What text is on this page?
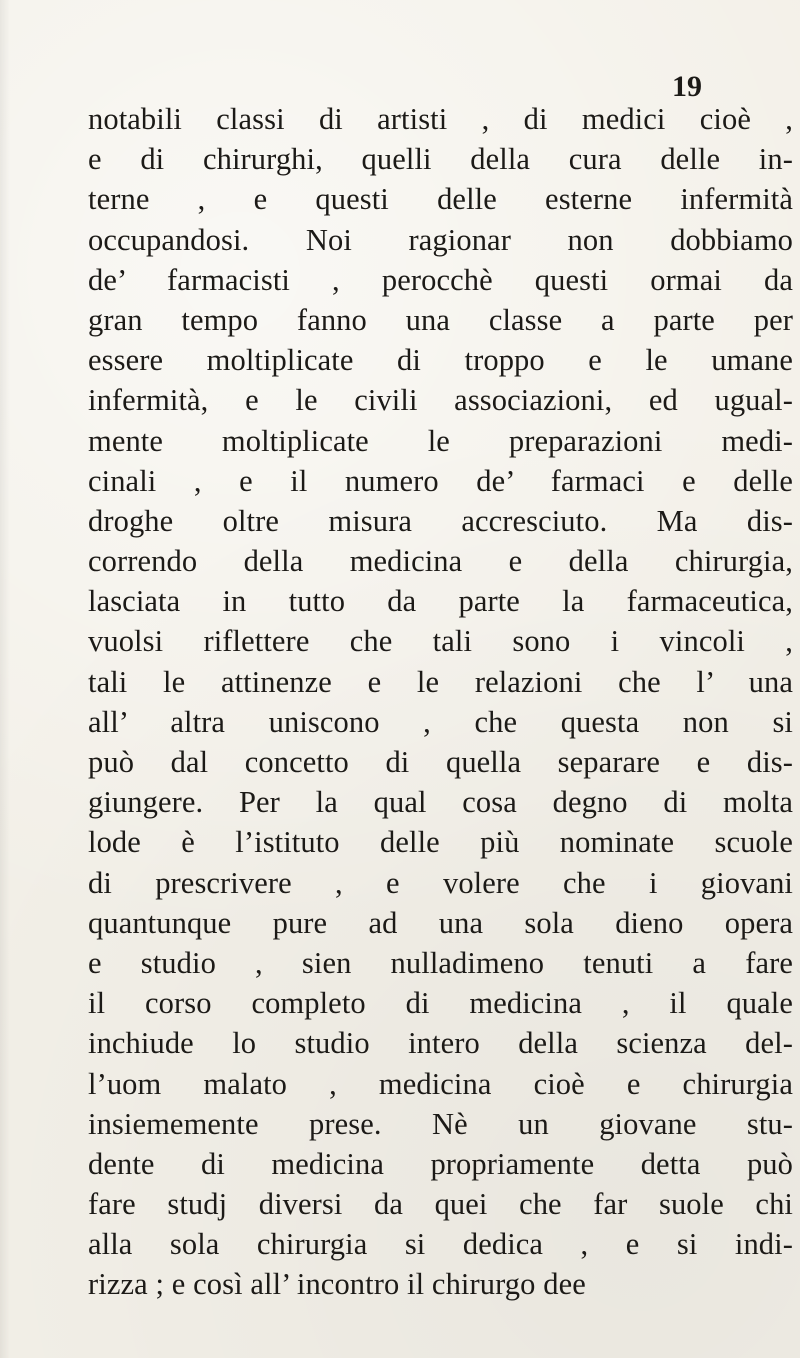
19
notabili classi di artisti , di medici cioè ,
e di chirurghi, quelli della cura delle in-
terne , e questi delle esterne infermità
occupandosi. Noi ragionar non dobbiamo
de’ farmacisti , perocchè questi ormai da
gran tempo fanno una classe a parte per
essere moltiplicate di troppo e le umane
infermità, e le civili associazioni, ed ugual-
mente moltiplicate le preparazioni medi-
cinali , e il numero de’ farmaci e delle
droghe oltre misura accresciuto. Ma dis-
correndo della medicina e della chirurgia,
lasciata in tutto da parte la farmaceutica,
vuolsi riflettere che tali sono i vincoli ,
tali le attinenze e le relazioni che l’ una
all’ altra uniscono , che questa non si
può dal concetto di quella separare e dis-
giungere. Per la qual cosa degno di molta
lode è l’istituto delle più nominate scuole
di prescrivere , e volere che i giovani
quantunque pure ad una sola dieno opera
e studio , sien nulladimeno tenuti a fare
il corso completo di medicina , il quale
inchiude lo studio intero della scienza del-
l’uom malato , medicina cioè e chirurgia
insiememente prese. Nè un giovane stu-
dente di medicina propriamente detta può
fare studj diversi da quei che far suole chi
alla sola chirurgia si dedica , e si indi-
rizza ; e così all’ incontro il chirurgo dee
